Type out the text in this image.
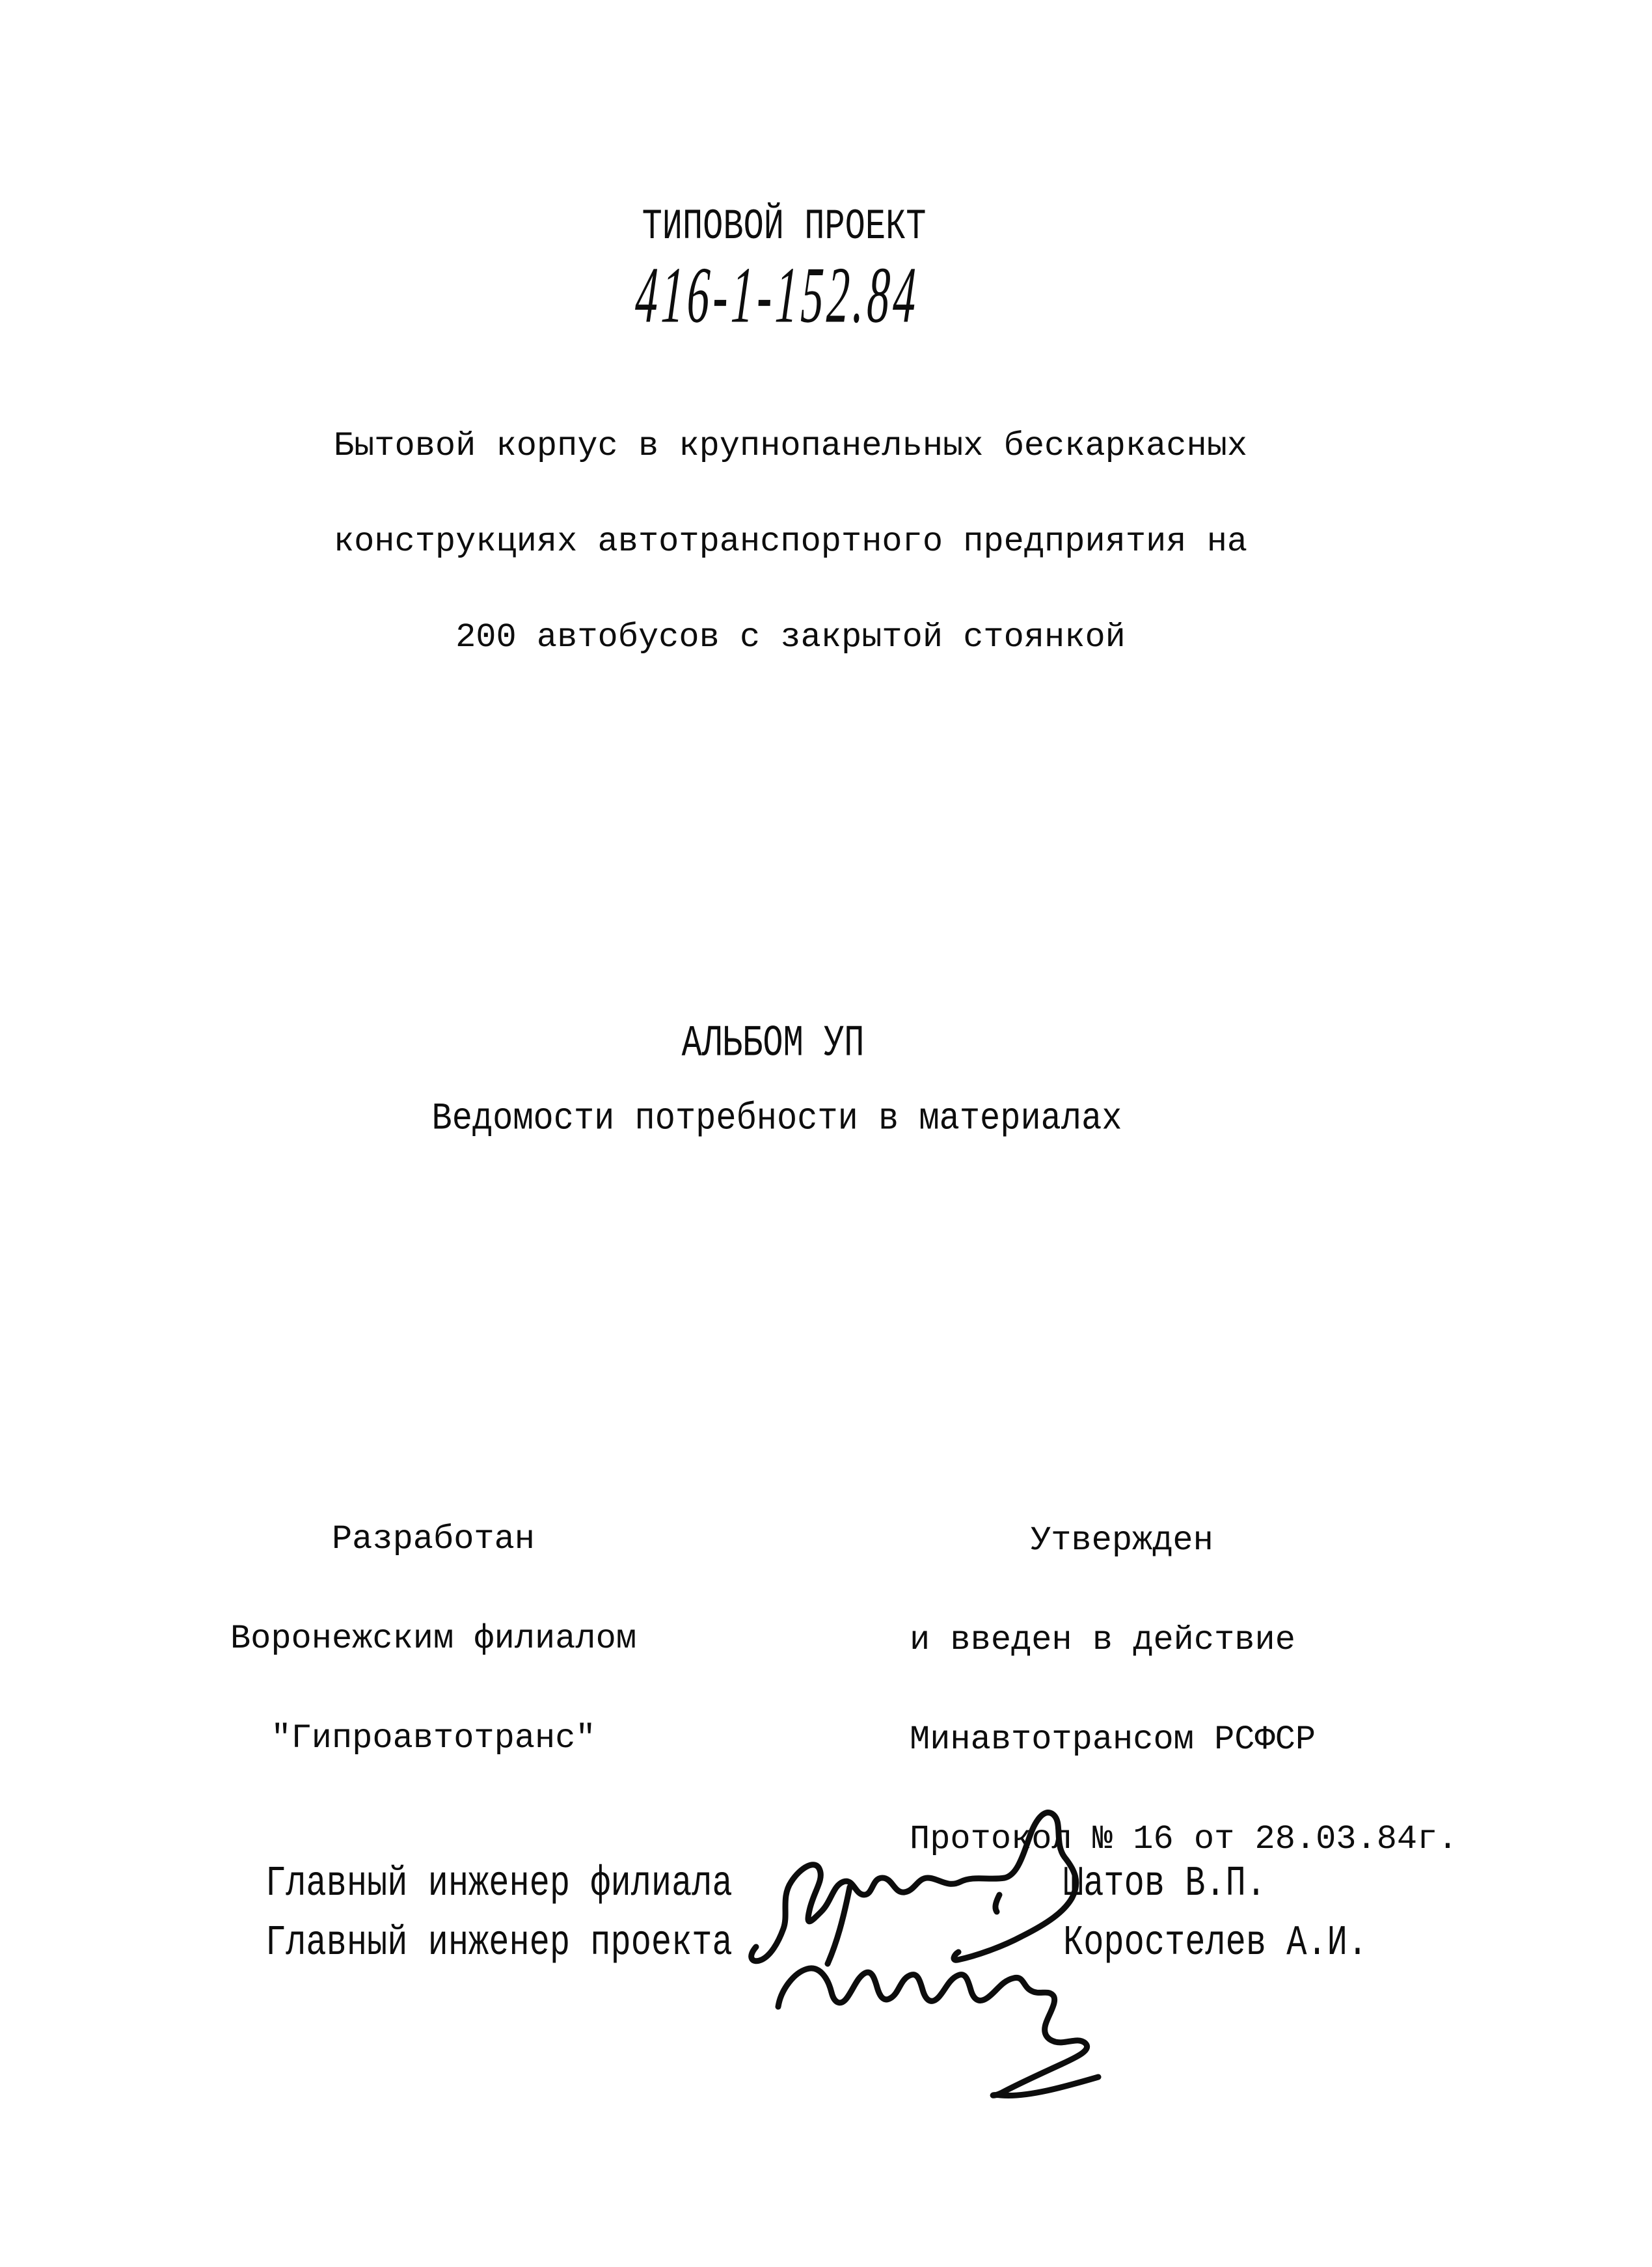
ТИПОВОЙ ПРОЕКТ
416-1-152.84

Бытовой корпус в крупнопанельных бескаркасных

конструкциях автотранспортного предприятия на

200 автобусов с закрытой стоянкой

АЛЬБОМ УП
Ведомости потребности в материалах

Разработан

Воронежским филиалом

"Гипроавтотранс"

Утвержден

и введен в действие

Минавтотрансом РСФСР

Протокол № 16 от 28.03.84г.

Главный инженер филиала	Шатов В.П.
Главный инженер проекта	Коростелев А.И.
